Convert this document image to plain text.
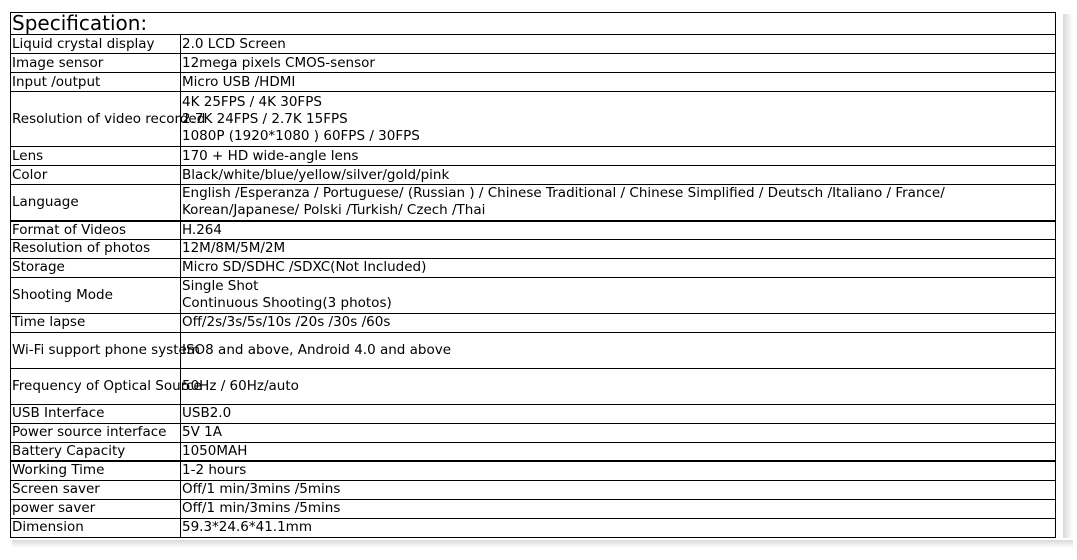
Specification:	
Liquid crystal display	2.0 LCD Screen

Image sensor	12mega pixels CMOS-sensor

Input /output	Micro USB /HDMI

Resolution of video recorded	4K 25FPS / 4K 30FPS
2.7K 24FPS / 2.7K 15FPS
1080P (1920*1080 ) 60FPS / 30FPS

Lens	170 + HD wide-angle lens

Color	Black/white/blue/yellow/silver/gold/pink

Language	English /Esperanza / Portuguese/ (Russian ) / Chinese Traditional / Chinese Simplified / Deutsch /Italiano / France/
Korean/Japanese/ Polski /Turkish/ Czech /Thai

Format of Videos	H.264

Resolution of photos	12M/8M/5M/2M

Storage	Micro SD/SDHC /SDXC(Not Included)

Shooting Mode	Single Shot
Continuous Shooting(3 photos)

Time lapse	Off/2s/3s/5s/10s /20s /30s /60s

Wi-Fi support phone system	ISO8 and above, Android 4.0 and above

Frequency of Optical Source	50Hz / 60Hz/auto

USB Interface	USB2.0

Power source interface	5V 1A

Battery Capacity	1050MAH

Working Time	1-2 hours

Screen saver	Off/1 min/3mins /5mins

power saver	Off/1 min/3mins /5mins

Dimension	59.3*24.6*41.1mm
